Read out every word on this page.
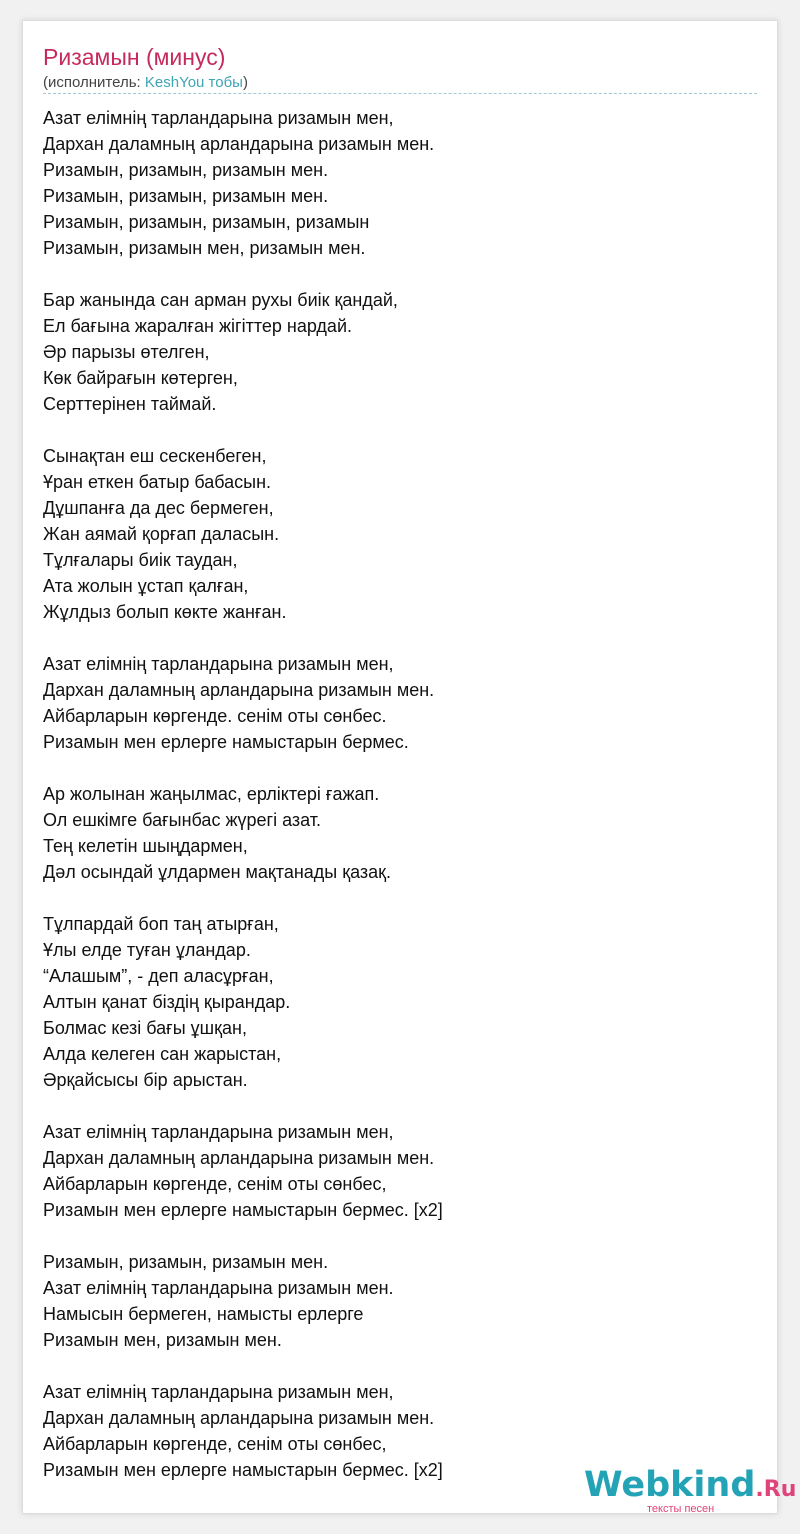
Ризамын (минус)
(исполнитель: KeshYou тобы)
Азат елімнің тарландарына ризамын мен,
Дархан даламның арландарына ризамын мен.
Ризамын, ризамын, ризамын мен.
Ризамын, ризамын, ризамын мен.
Ризамын, ризамын, ризамын, ризамын
Ризамын, ризамын мен, ризамын мен.
Бар жанында сан арман рухы биік қандай,
Ел бағына жаралған жігіттер нардай.
Әр парызы өтелген,
Көк байрағын көтерген,
Серттерінен таймай.
Сынақтан еш сескенбеген,
Ұран еткен батыр бабасын.
Дұшпанға да дес бермеген,
Жан аямай қорғап даласын.
Тұлғалары биік таудан,
Ата жолын ұстап қалған,
Жұлдыз болып көкте жанған.
Азат елімнің тарландарына ризамын мен,
Дархан даламның арландарына ризамын мен.
Айбарларын көргенде. сенім оты сөнбес.
Ризамын мен ерлерге намыстарын бермес.
Ар жолынан жаңылмас, ерліктері ғажап.
Ол ешкімге бағынбас жүрегі азат.
Тең келетін шыңдармен,
Дәл осындай ұлдармен мақтанады қазақ.
Тұлпардай боп таң атырған,
Ұлы елде туған ұландар.
“Алашым”, - деп аласұрған,
Алтын қанат біздің қырандар.
Болмас кезі бағы ұшқан,
Алда келеген сан жарыстан,
Әрқайсысы бір арыстан.
Азат елімнің тарландарына ризамын мен,
Дархан даламның арландарына ризамын мен.
Айбарларын көргенде, сенім оты сөнбес,
Ризамын мен ерлерге намыстарын бермес. [x2]
Ризамын, ризамын, ризамын мен.
Азат елімнің тарландарына ризамын мен.
Намысын бермеген, намысты ерлерге
Ризамын мен, ризамын мен.
Азат елімнің тарландарына ризамын мен,
Дархан даламның арландарына ризамын мен.
Айбарларын көргенде, сенім оты сөнбес,
Ризамын мен ерлерге намыстарын бермес. [x2]	Webkind.Ru
тексты песен
